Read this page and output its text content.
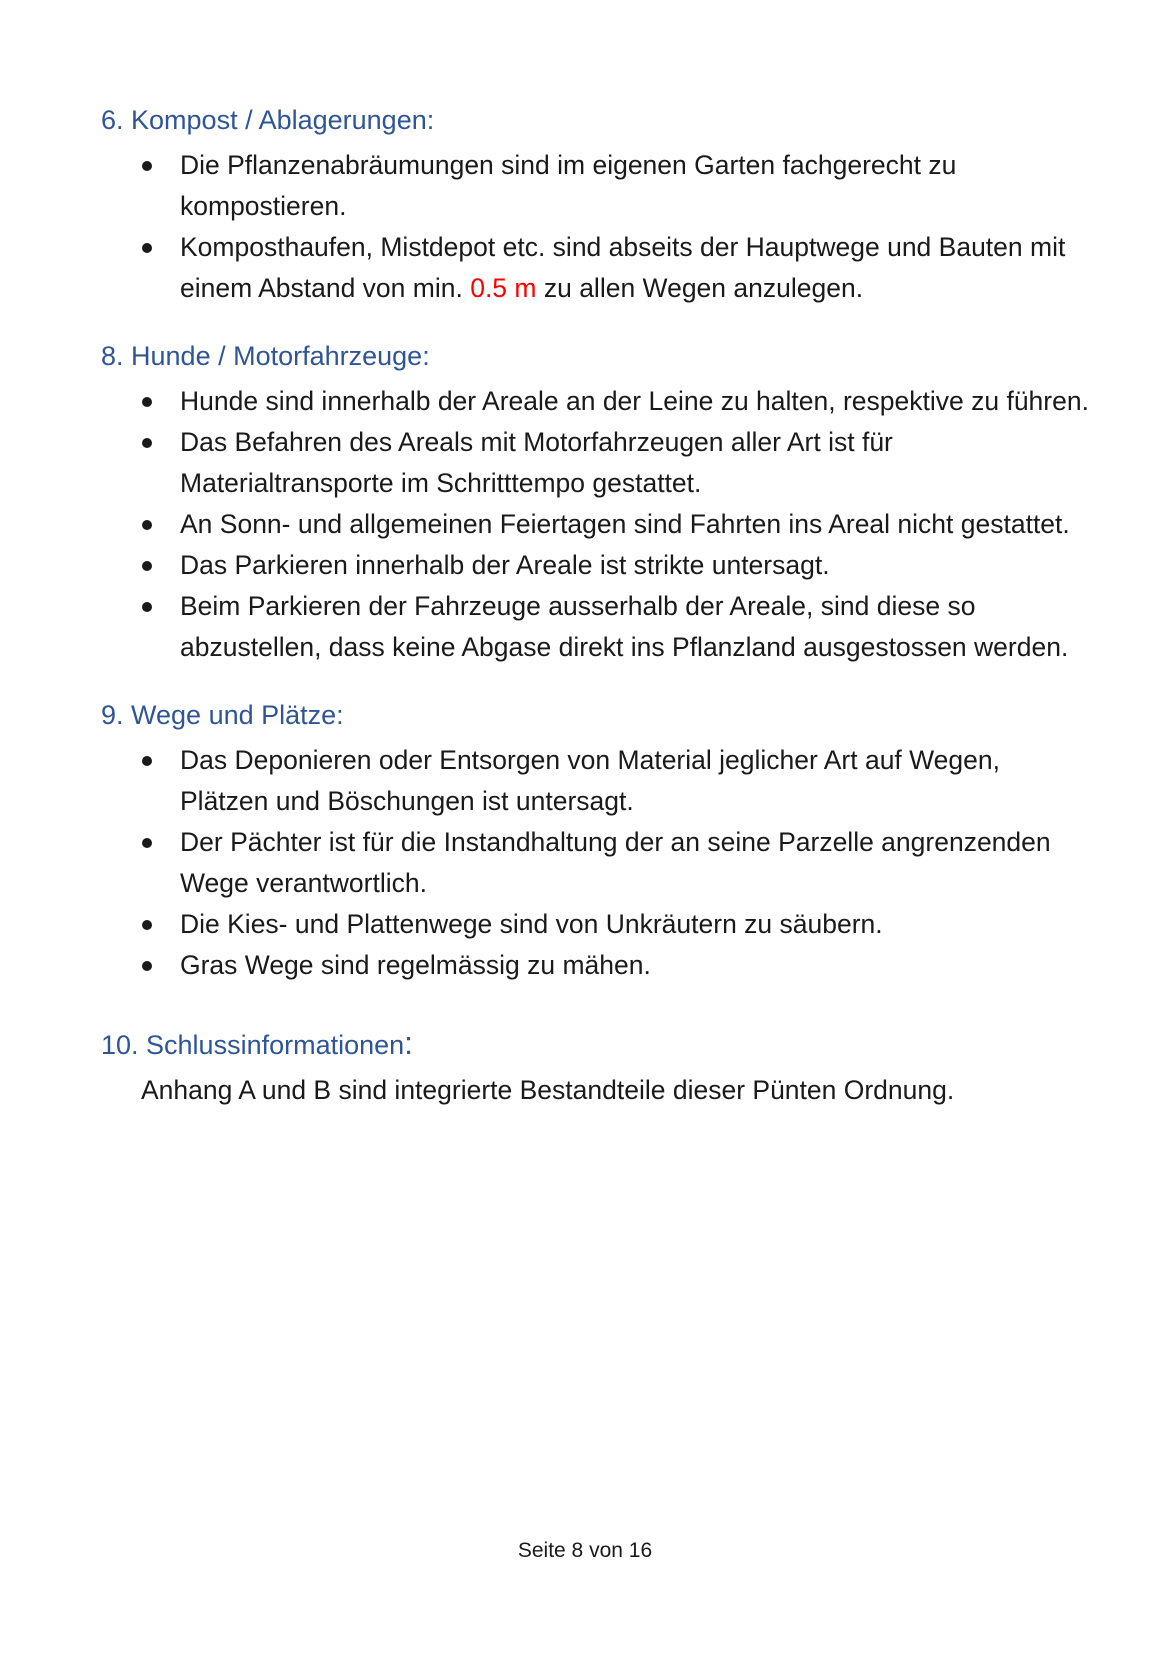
6. Kompost / Ablagerungen:
Die Pflanzenabräumungen sind im eigenen Garten fachgerecht zu kompostieren.
Komposthaufen, Mistdepot etc. sind abseits der Hauptwege und Bauten mit einem Abstand von min. 0.5 m zu allen Wegen anzulegen.
8. Hunde / Motorfahrzeuge:
Hunde sind innerhalb der Areale an der Leine zu halten, respektive zu führen.
Das Befahren des Areals mit Motorfahrzeugen aller Art ist für Materialtransporte im Schritttempo gestattet.
An Sonn- und allgemeinen Feiertagen sind Fahrten ins Areal nicht gestattet.
Das Parkieren innerhalb der Areale ist strikte untersagt.
Beim Parkieren der Fahrzeuge ausserhalb der Areale, sind diese so abzustellen, dass keine Abgase direkt ins Pflanzland ausgestossen werden.
9. Wege und Plätze:
Das Deponieren oder Entsorgen von Material jeglicher Art auf Wegen, Plätzen und Böschungen ist untersagt.
Der Pächter ist für die Instandhaltung der an seine Parzelle angrenzenden Wege verantwortlich.
Die Kies- und Plattenwege sind von Unkräutern zu säubern.
Gras Wege sind regelmässig zu mähen.
10. Schlussinformationen:

Anhang A und B sind integrierte Bestandteile dieser Pünten Ordnung.

Seite 8 von 16
